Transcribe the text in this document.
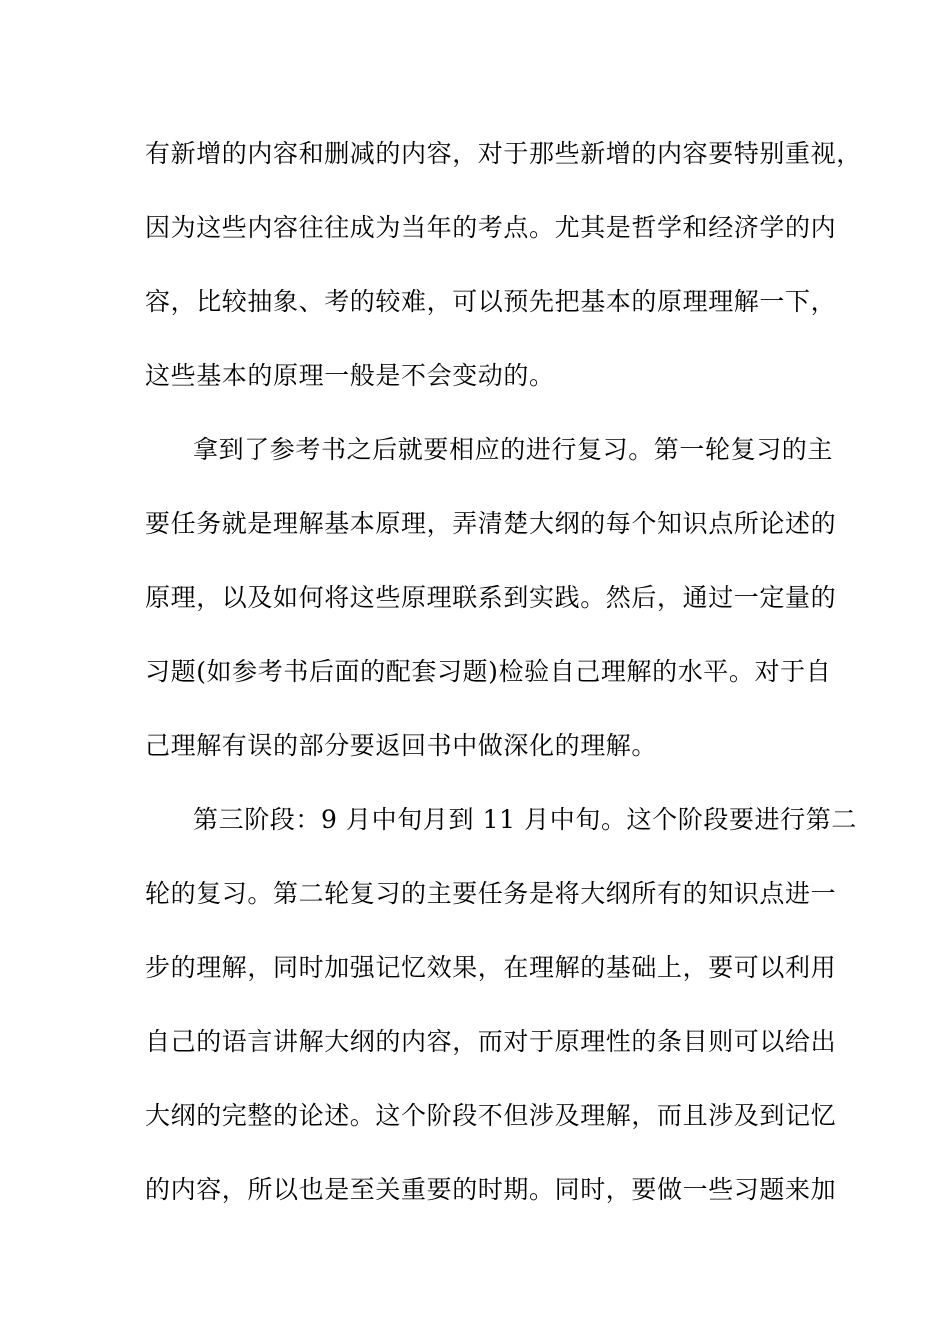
有新增的内容和删减的内容，对于那些新增的内容要特别重视，
因为这些内容往往成为当年的考点。尤其是哲学和经济学的内
容，比较抽象、考的较难，可以预先把基本的原理理解一下，
这些基本的原理一般是不会变动的。
拿到了参考书之后就要相应的进行复习。第一轮复习的主
要任务就是理解基本原理，弄清楚大纲的每个知识点所论述的
原理，以及如何将这些原理联系到实践。然后，通过一定量的
习题(如参考书后面的配套习题)检验自己理解的水平。对于自
己理解有误的部分要返回书中做深化的理解。
第三阶段：9 月中旬月到 11 月中旬。这个阶段要进行第二
轮的复习。第二轮复习的主要任务是将大纲所有的知识点进一
步的理解，同时加强记忆效果，在理解的基础上，要可以利用
自己的语言讲解大纲的内容，而对于原理性的条目则可以给出
大纲的完整的论述。这个阶段不但涉及理解，而且涉及到记忆
的内容，所以也是至关重要的时期。同时，要做一些习题来加
